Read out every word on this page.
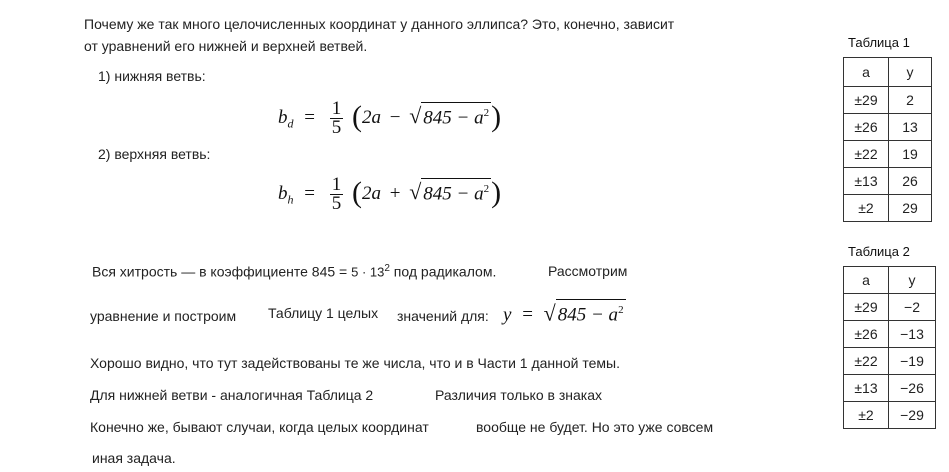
Почему же так много целочисленных координат у данного эллипса? Это, конечно, зависит
от уравнений его нижней и верхней ветвей.
1) нижняя ветвь:
$b_d = \frac{1}{5} (2a$ − √ $845 - a^2$)
2) верхняя ветвь:
$b_h = \frac{1}{5} (2a$ + √ $845 - a^2$)
Вся хитрость — в коэффициенте $845 = 5 \cdot 13^2$ под радикалом.	Рассмотрим
уравнение и построим Таблицу 1 целых значений для: y = √ $845 - a^2$
Хорошо видно, что тут задействованы те же числа, что и в Части 1 данной темы.
Для нижней ветви - аналогичная Таблица 2	Различия только в знаках
Конечно же, бывают случаи, когда целых координат	вообще не будет. Но это уже совсем
иная задача.
Таблица 1
a	y
±29	2
±26	13
±22	19
±13	26
±2	29
Таблица 2
a	y
±29	−2
±26	−13
±22	−19
±13	−26
±2	−29
